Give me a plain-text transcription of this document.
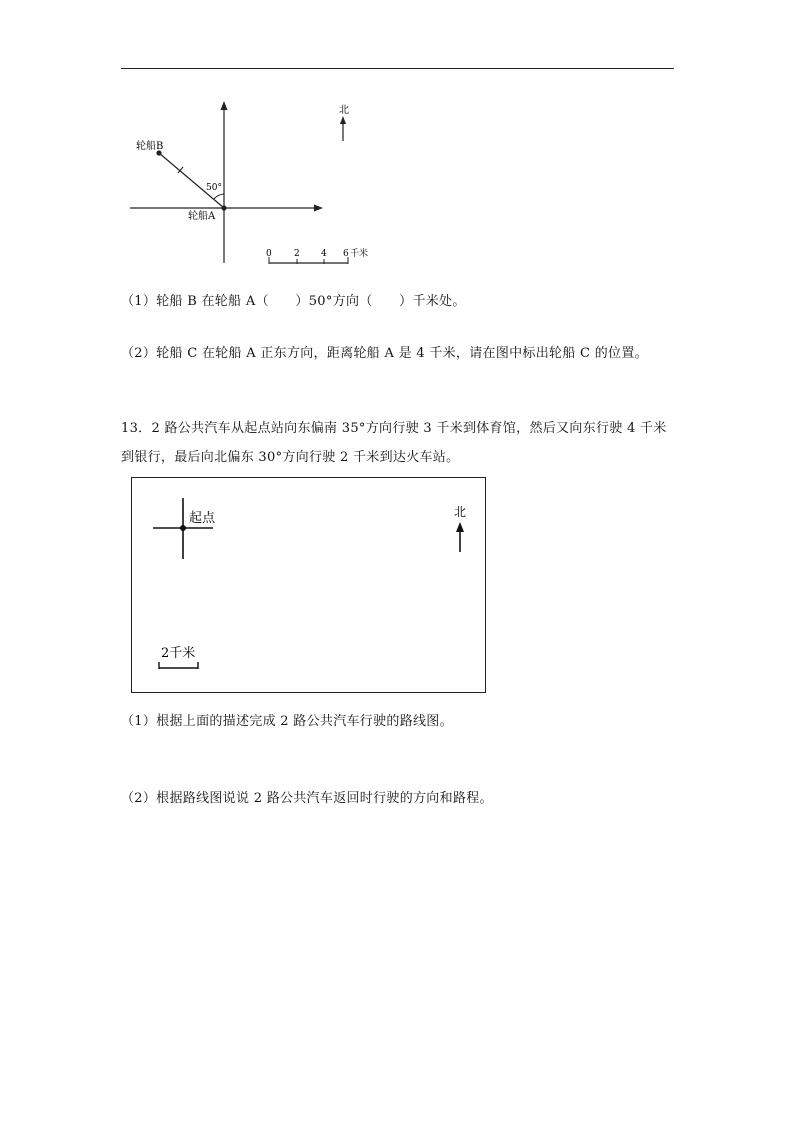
50°
轮船B
轮船A
北
0 2 4 6 千米
（1）轮船 B 在轮船 A（　　）50°方向（　　）千米处。
（2）轮船 C 在轮船 A 正东方向，距离轮船 A 是 4 千米，请在图中标出轮船 C 的位置。
13．2 路公共汽车从起点站向东偏南 35°方向行驶 3 千米到体育馆，然后又向东行驶 4 千米
到银行，最后向北偏东 30°方向行驶 2 千米到达火车站。
起点	北
2千米
（1）根据上面的描述完成 2 路公共汽车行驶的路线图。
（2）根据路线图说说 2 路公共汽车返回时行驶的方向和路程。
